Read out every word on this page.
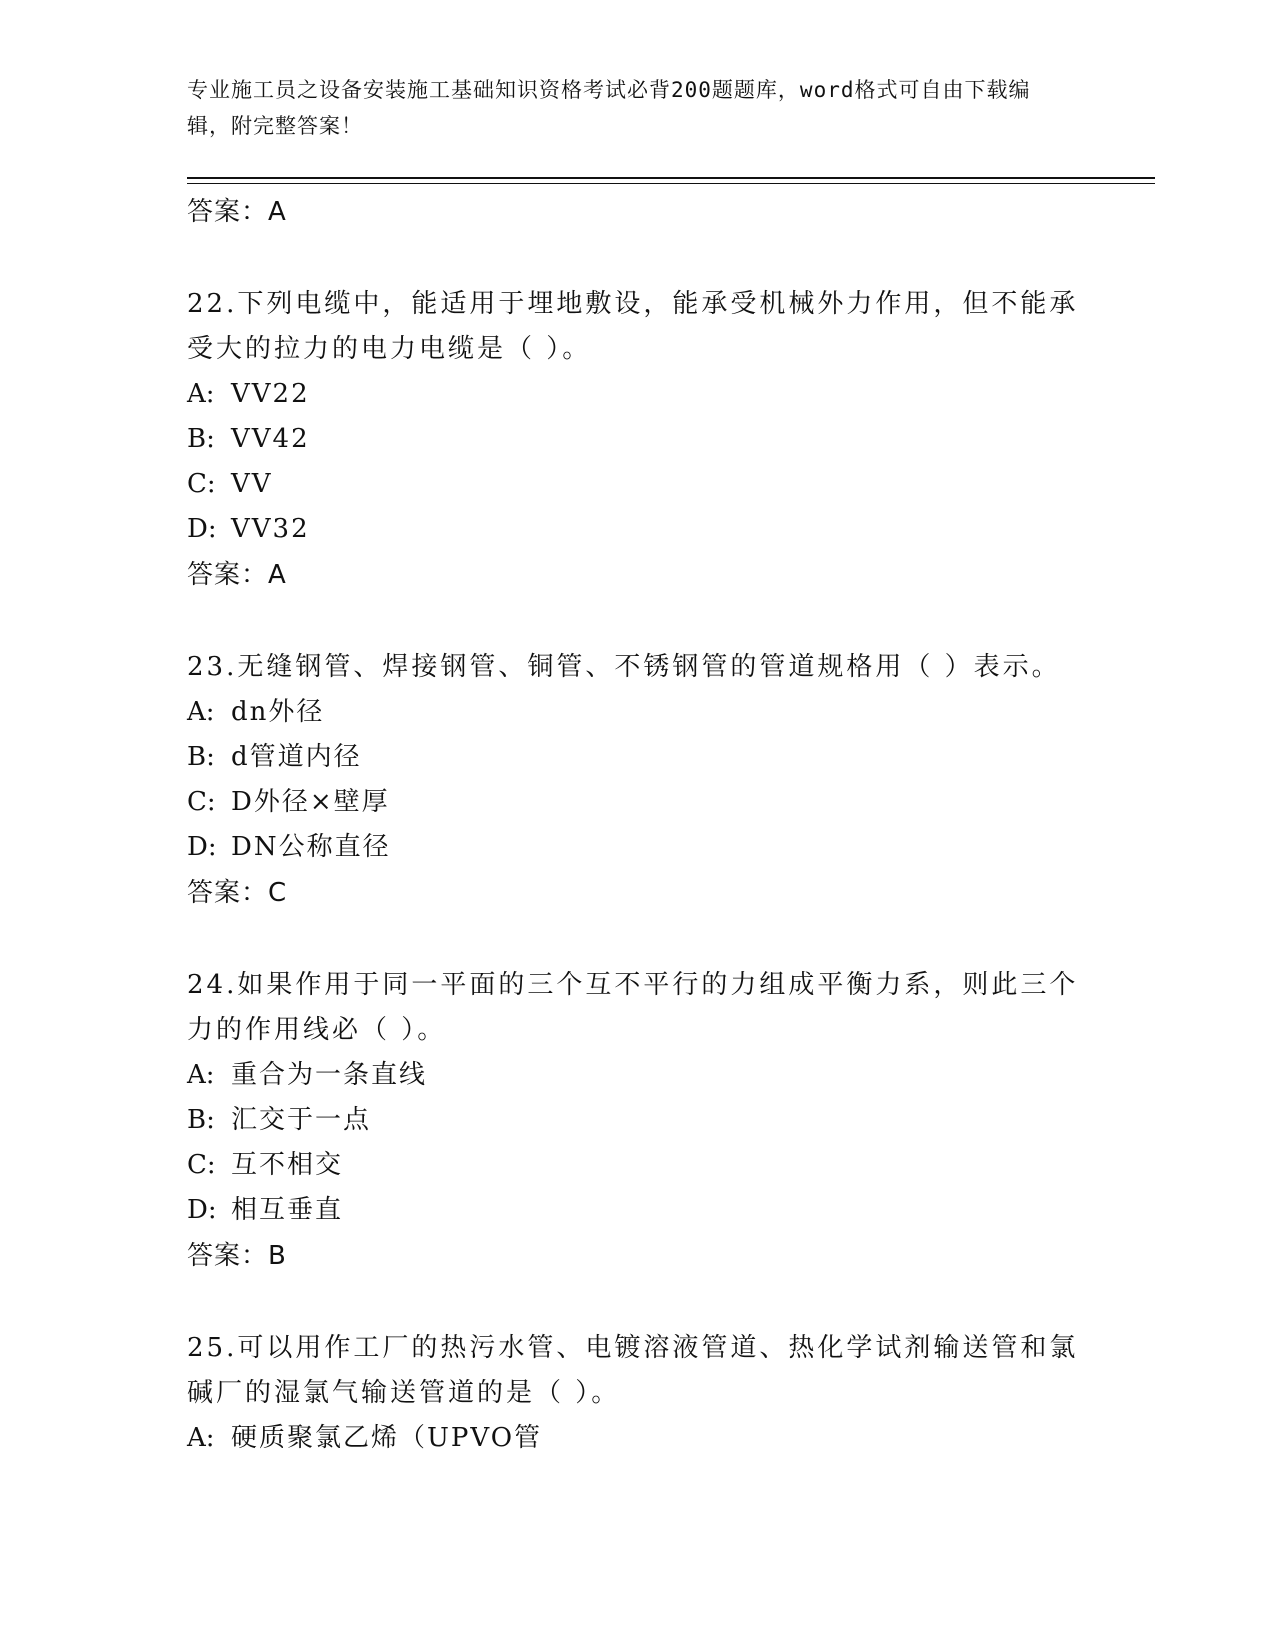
专业施工员之设备安装施工基础知识资格考试必背200题题库，word格式可自由下载编辑，附完整答案！
答案：A
22.下列电缆中，能适用于埋地敷设，能承受机械外力作用，但不能承受大的拉力的电力电缆是（ ）。
A: VV22
B: VV42
C: VV
D: VV32
答案：A
23.无缝钢管、焊接钢管、铜管、不锈钢管的管道规格用（ ）表示。
A: dn外径
B: d管道内径
C: D外径×壁厚
D: DN公称直径
答案：C
24.如果作用于同一平面的三个互不平行的力组成平衡力系，则此三个力的作用线必（ ）。
A: 重合为一条直线
B: 汇交于一点
C: 互不相交
D: 相互垂直
答案：B
25.可以用作工厂的热污水管、电镀溶液管道、热化学试剂输送管和氯碱厂的湿氯气输送管道的是（ ）。
A: 硬质聚氯乙烯（UPVO管
